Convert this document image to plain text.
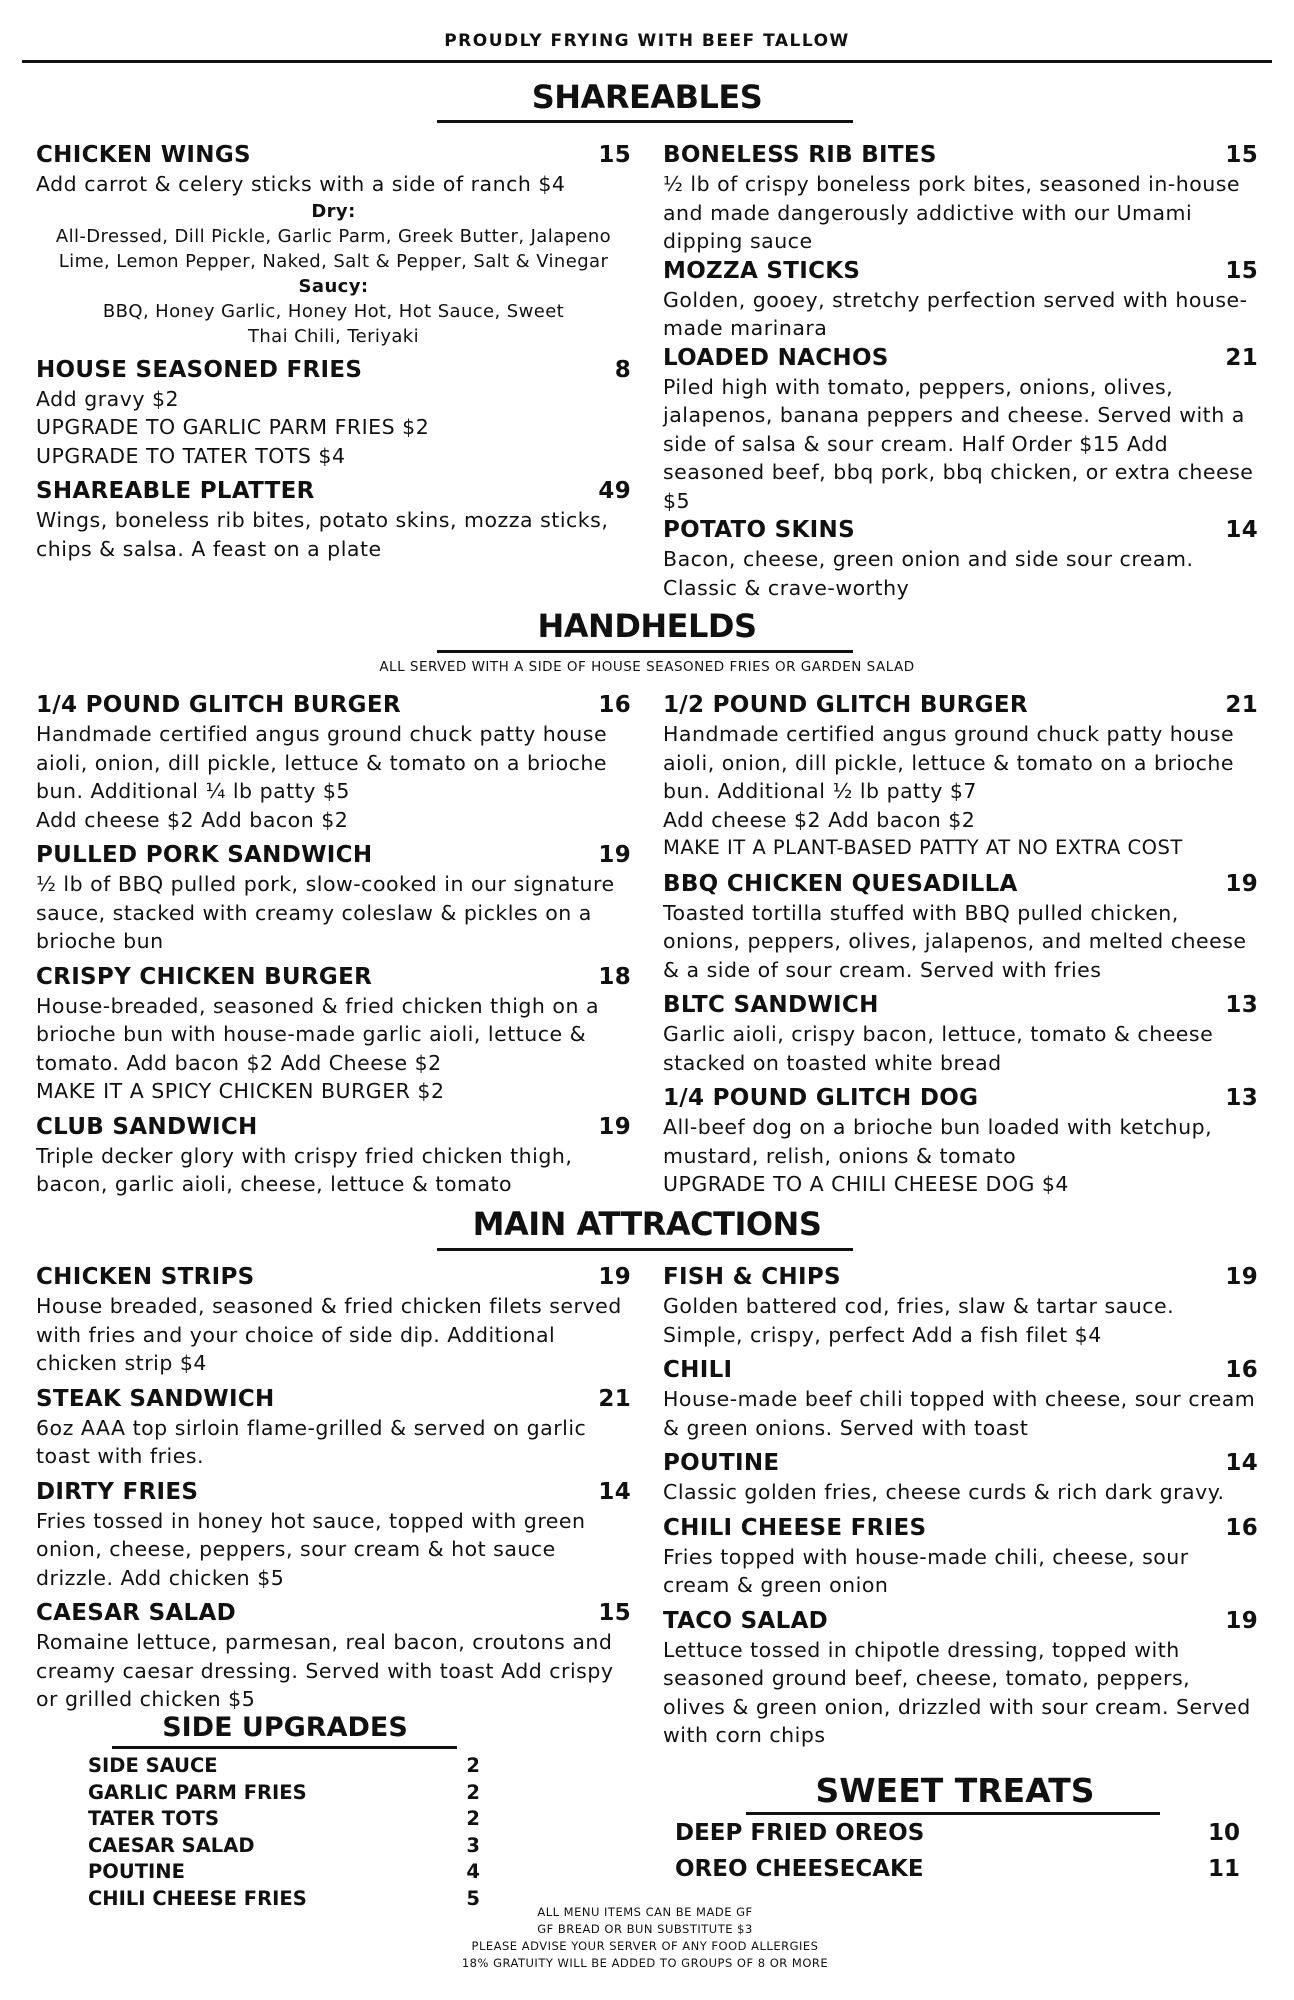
PROUDLY FRYING WITH BEEF TALLOW
SHAREABLES
CHICKEN WINGS	15
Add carrot & celery sticks with a side of ranch $4
Dry:
All-Dressed, Dill Pickle, Garlic Parm, Greek Butter, Jalapeno Lime, Lemon Pepper, Naked, Salt & Pepper, Salt & Vinegar
Saucy:
BBQ, Honey Garlic, Honey Hot, Hot Sauce, Sweet Thai Chili, Teriyaki
HOUSE SEASONED FRIES	8
Add gravy $2
UPGRADE TO GARLIC PARM FRIES $2
UPGRADE TO TATER TOTS $4
SHAREABLE PLATTER	49
Wings, boneless rib bites, potato skins, mozza sticks, chips & salsa. A feast on a plate
BONELESS RIB BITES	15
½ lb of crispy boneless pork bites, seasoned in-house and made dangerously addictive with our Umami dipping sauce
MOZZA STICKS	15
Golden, gooey, stretchy perfection served with house-made marinara
LOADED NACHOS	21
Piled high with tomato, peppers, onions, olives, jalapenos, banana peppers and cheese. Served with a side of salsa & sour cream. Half Order $15 Add seasoned beef, bbq pork, bbq chicken, or extra cheese $5
POTATO SKINS	14
Bacon, cheese, green onion and side sour cream. Classic & crave-worthy
HANDHELDS
ALL SERVED WITH A SIDE OF HOUSE SEASONED FRIES OR GARDEN SALAD
1/4 POUND GLITCH BURGER	16
Handmade certified angus ground chuck patty house aioli, onion, dill pickle, lettuce & tomato on a brioche bun. Additional ¼ lb patty $5
Add cheese $2 Add bacon $2
PULLED PORK SANDWICH	19
½ lb of BBQ pulled pork, slow-cooked in our signature sauce, stacked with creamy coleslaw & pickles on a brioche bun
CRISPY CHICKEN BURGER	18
House-breaded, seasoned & fried chicken thigh on a brioche bun with house-made garlic aioli, lettuce & tomato. Add bacon $2 Add Cheese $2
MAKE IT A SPICY CHICKEN BURGER $2
CLUB SANDWICH	19
Triple decker glory with crispy fried chicken thigh, bacon, garlic aioli, cheese, lettuce & tomato
1/2 POUND GLITCH BURGER	21
Handmade certified angus ground chuck patty house aioli, onion, dill pickle, lettuce & tomato on a brioche bun. Additional ½ lb patty $7
Add cheese $2 Add bacon $2
MAKE IT A PLANT-BASED PATTY AT NO EXTRA COST
BBQ CHICKEN QUESADILLA	19
Toasted tortilla stuffed with BBQ pulled chicken, onions, peppers, olives, jalapenos, and melted cheese & a side of sour cream. Served with fries
BLTC SANDWICH	13
Garlic aioli, crispy bacon, lettuce, tomato & cheese stacked on toasted white bread
1/4 POUND GLITCH DOG	13
All-beef dog on a brioche bun loaded with ketchup, mustard, relish, onions & tomato
UPGRADE TO A CHILI CHEESE DOG $4
MAIN ATTRACTIONS
CHICKEN STRIPS	19
House breaded, seasoned & fried chicken filets served with fries and your choice of side dip. Additional chicken strip $4
STEAK SANDWICH	21
6oz AAA top sirloin flame-grilled & served on garlic toast with fries.
DIRTY FRIES	14
Fries tossed in honey hot sauce, topped with green onion, cheese, peppers, sour cream & hot sauce drizzle. Add chicken $5
CAESAR SALAD	15
Romaine lettuce, parmesan, real bacon, croutons and creamy caesar dressing. Served with toast Add crispy or grilled chicken $5
FISH & CHIPS	19
Golden battered cod, fries, slaw & tartar sauce. Simple, crispy, perfect Add a fish filet $4
CHILI	16
House-made beef chili topped with cheese, sour cream & green onions. Served with toast
POUTINE	14
Classic golden fries, cheese curds & rich dark gravy.
CHILI CHEESE FRIES	16
Fries topped with house-made chili, cheese, sour cream & green onion
TACO SALAD	19
Lettuce tossed in chipotle dressing, topped with seasoned ground beef, cheese, tomato, peppers, olives & green onion, drizzled with sour cream. Served with corn chips
SIDE UPGRADES
SIDE SAUCE	2
GARLIC PARM FRIES	2
TATER TOTS	2
CAESAR SALAD	3
POUTINE	4
CHILI CHEESE FRIES	5
SWEET TREATS
DEEP FRIED OREOS	10
OREO CHEESECAKE	11
ALL MENU ITEMS CAN BE MADE GF
GF BREAD OR BUN SUBSTITUTE $3
PLEASE ADVISE YOUR SERVER OF ANY FOOD ALLERGIES
18% GRATUITY WILL BE ADDED TO GROUPS OF 8 OR MORE
